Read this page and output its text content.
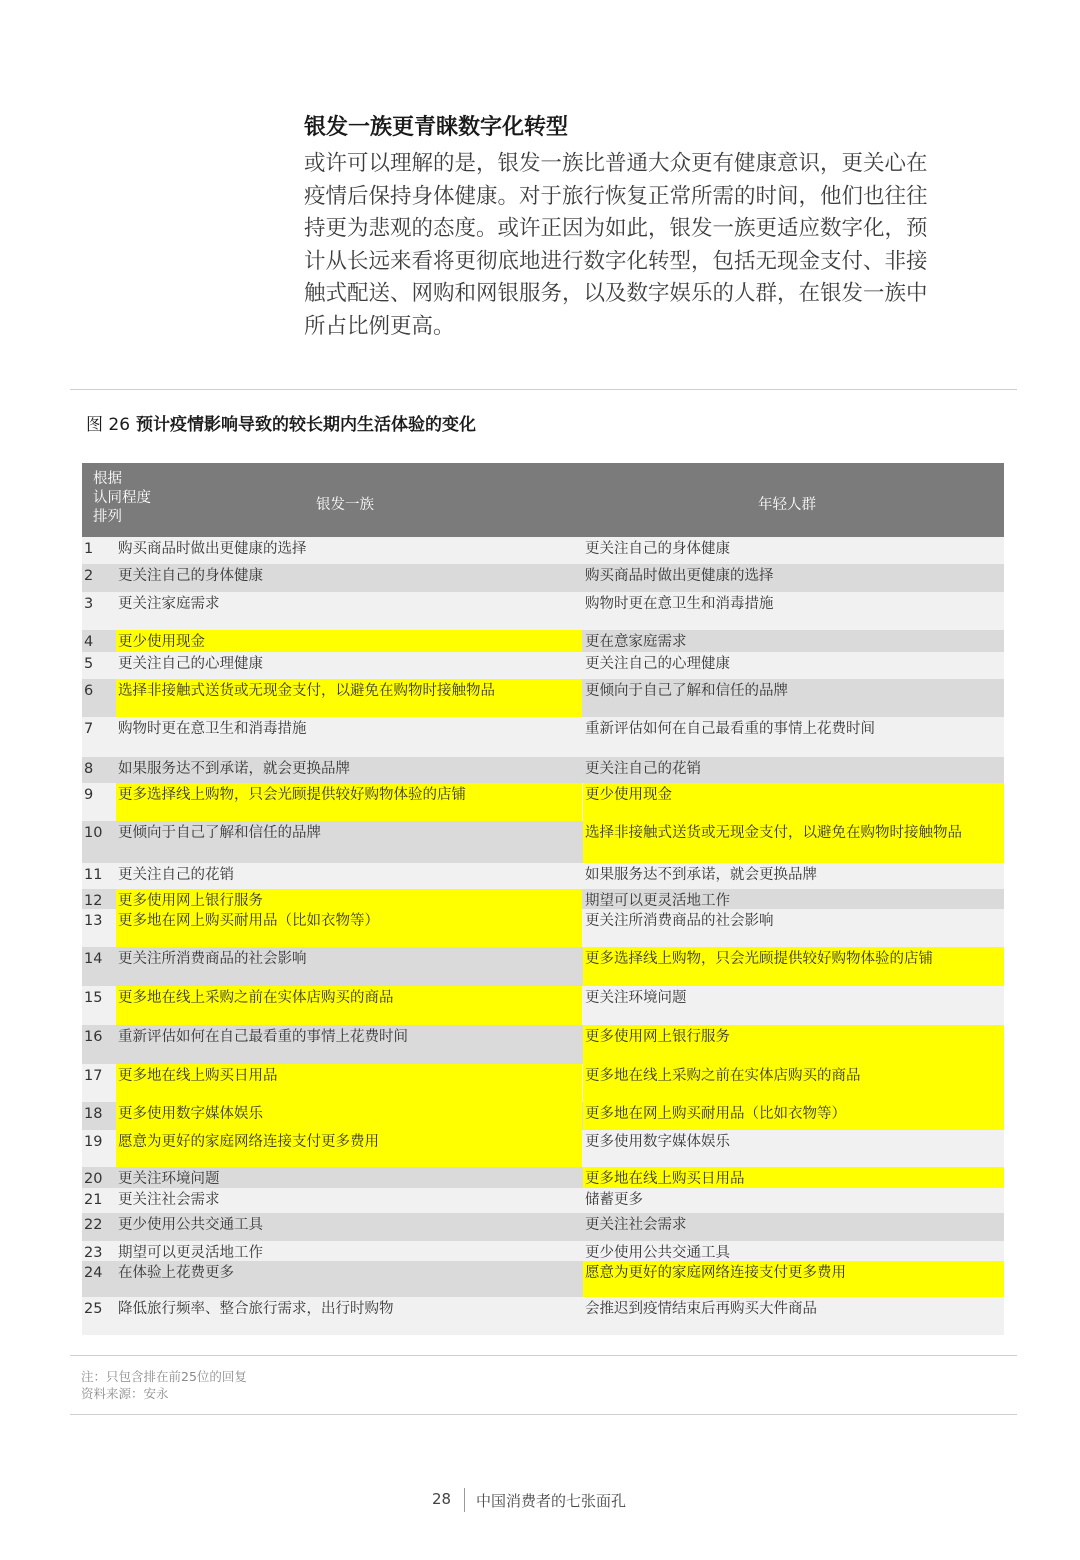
银发一族更青睐数字化转型

或许可以理解的是，银发一族比普通大众更有健康意识，更关心在
疫情后保持身体健康。对于旅行恢复正常所需的时间，他们也往往
持更为悲观的态度。或许正因为如此，银发一族更适应数字化，预
计从长远来看将更彻底地进行数字化转型，包括无现金支付、非接
触式配送、网购和网银服务，以及数字娱乐的人群，在银发一族中
所占比例更高。

图 26 预计疫情影响导致的较长期内生活体验的变化
根据
认同程度
排列
银发一族	年轻人群
1	购买商品时做出更健康的选择	更关注自己的身体健康
2	更关注自己的身体健康	购买商品时做出更健康的选择
3	更关注家庭需求	购物时更在意卫生和消毒措施
4	更少使用现金	更在意家庭需求
5	更关注自己的心理健康	更关注自己的心理健康
6	选择非接触式送货或无现金支付，以避免在购物时接触物品	更倾向于自己了解和信任的品牌
7	购物时更在意卫生和消毒措施	重新评估如何在自己最看重的事情上花费时间
8	如果服务达不到承诺，就会更换品牌	更关注自己的花销
9	更多选择线上购物，只会光顾提供较好购物体验的店铺	更少使用现金
10	更倾向于自己了解和信任的品牌	选择非接触式送货或无现金支付，以避免在购物时接触物品
11	更关注自己的花销	如果服务达不到承诺，就会更换品牌
12	更多使用网上银行服务	期望可以更灵活地工作
13	更多地在网上购买耐用品（比如衣物等）	更关注所消费商品的社会影响
14	更关注所消费商品的社会影响	更多选择线上购物，只会光顾提供较好购物体验的店铺
15	更多地在线上采购之前在实体店购买的商品	更关注环境问题
16	重新评估如何在自己最看重的事情上花费时间	更多使用网上银行服务
17	更多地在线上购买日用品	更多地在线上采购之前在实体店购买的商品
18	更多使用数字媒体娱乐	更多地在网上购买耐用品（比如衣物等）
19	愿意为更好的家庭网络连接支付更多费用	更多使用数字媒体娱乐
20	更关注环境问题	更多地在线上购买日用品
21	更关注社会需求	储蓄更多
22	更少使用公共交通工具	更关注社会需求
23	期望可以更灵活地工作	更少使用公共交通工具
24	在体验上花费更多	愿意为更好的家庭网络连接支付更多费用
25	降低旅行频率、整合旅行需求，出行时购物	会推迟到疫情结束后再购买大件商品
注：只包含排在前25位的回复
资料来源：安永
28 中国消费者的七张面孔
